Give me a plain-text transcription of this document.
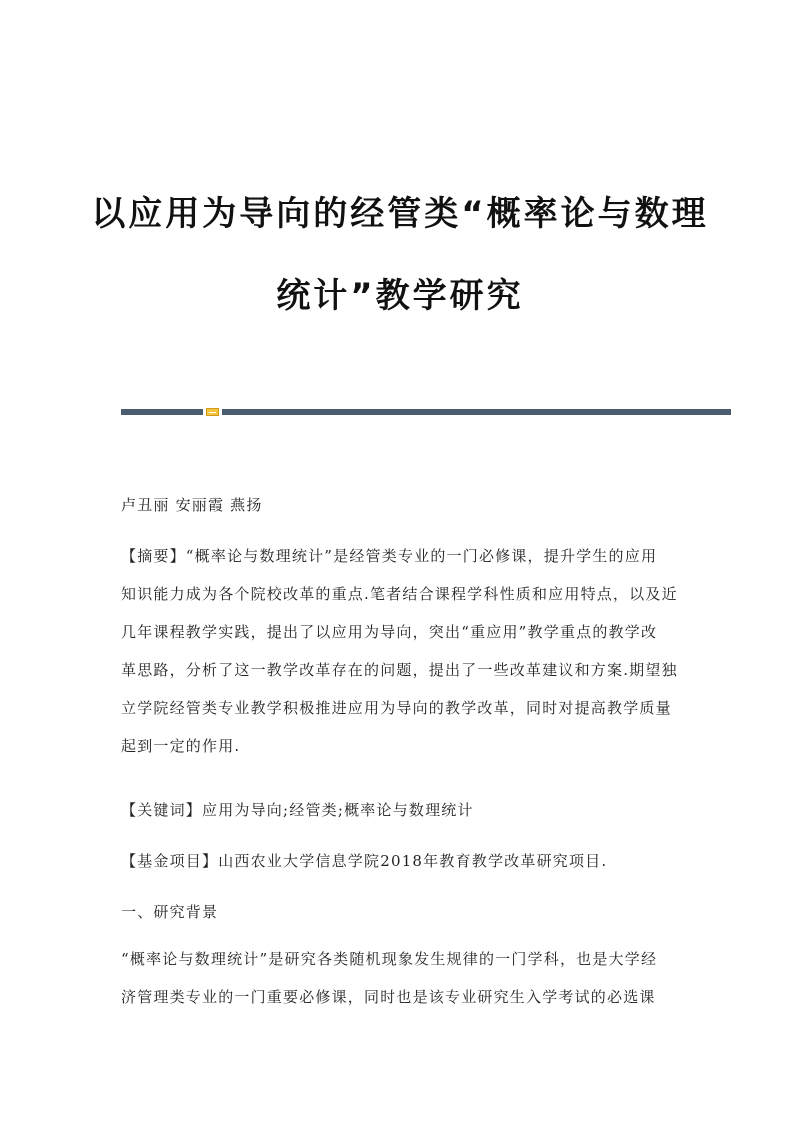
以应用为导向的经管类“概率论与数理
统计”教学研究

卢丑丽 安丽霞 燕扬

【摘要】“概率论与数理统计”是经管类专业的一门必修课，提升学生的应用

知识能力成为各个院校改革的重点.笔者结合课程学科性质和应用特点，以及近

几年课程教学实践，提出了以应用为导向，突出“重应用”教学重点的教学改

革思路，分析了这一教学改革存在的问题，提出了一些改革建议和方案.期望独

立学院经管类专业教学积极推进应用为导向的教学改革，同时对提高教学质量

起到一定的作用.

【关键词】应用为导向;经管类;概率论与数理统计

【基金项目】山西农业大学信息学院2018年教育教学改革研究项目.

一、研究背景

“概率论与数理统计”是研究各类随机现象发生规律的一门学科，也是大学经

济管理类专业的一门重要必修课，同时也是该专业研究生入学考试的必选课
